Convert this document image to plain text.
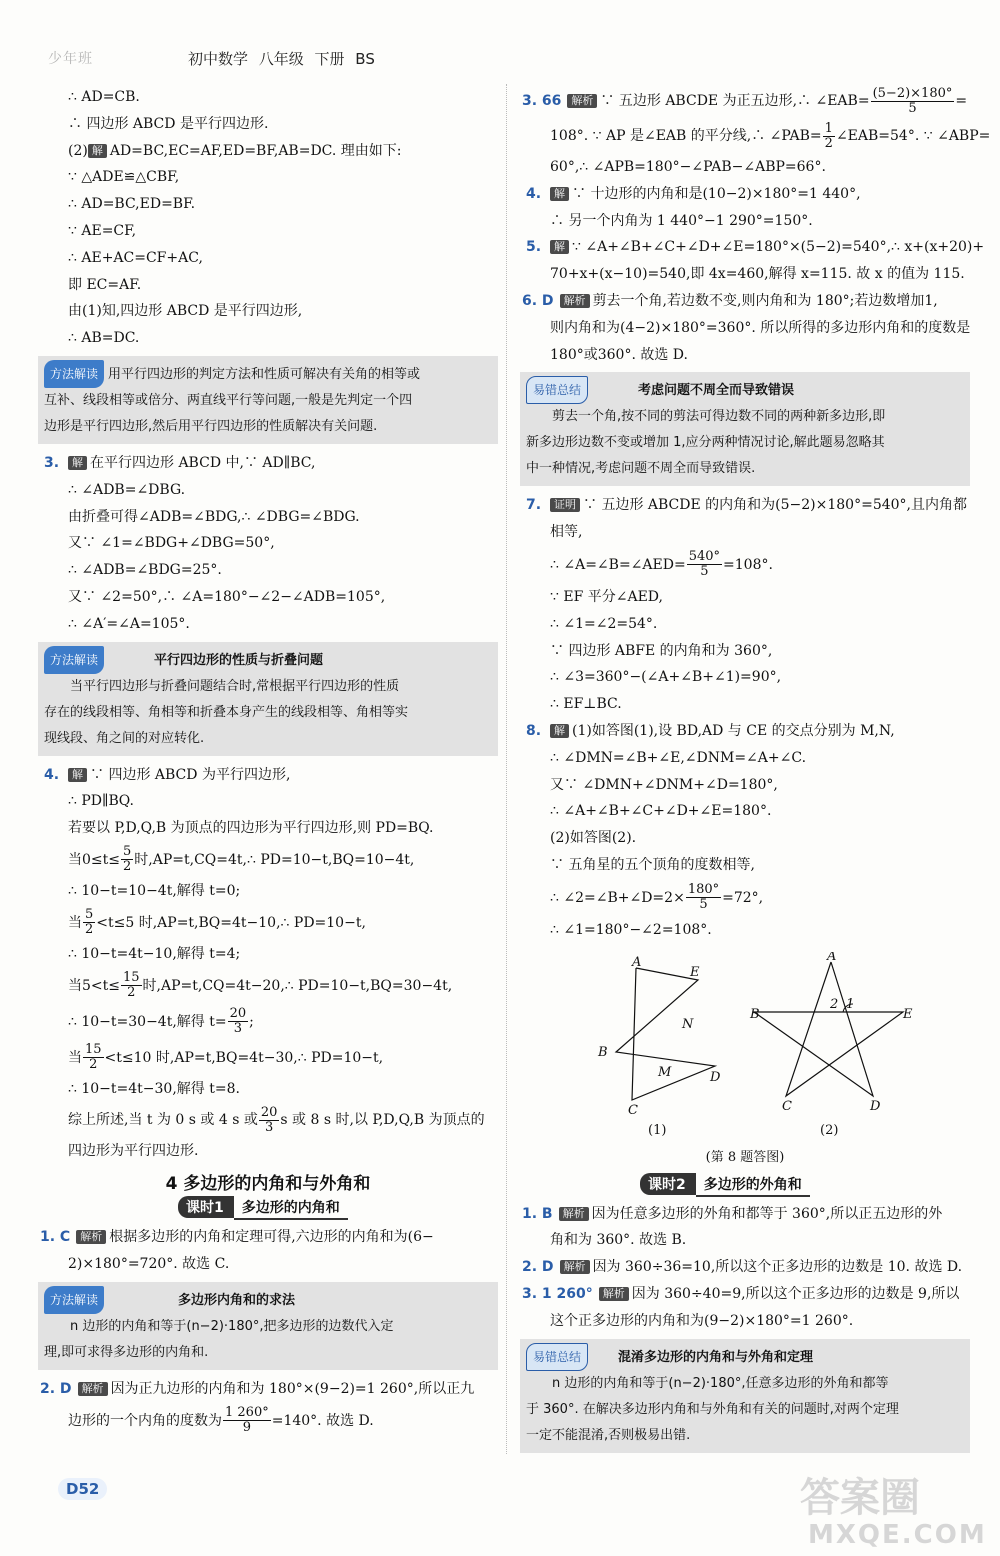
少年班	初中数学 八年级 下册 BS
∴ AD=CB.
∴ 四边形 ABCD 是平行四边形.
(2) 解 AD=BC,EC=AF,ED=BF,AB=DC. 理由如下:
∵ △ADE≌△CBF,
∴ AD=BC,ED=BF.
∵ AE=CF,
∴ AE+AC=CF+AC,
即 EC=AF.
由(1)知,四边形 ABCD 是平行四边形,
∴ AB=DC.
方法解读 用平行四边形的判定方法和性质可解决有关角的相等或
互补、线段相等或倍分、两直线平行等问题,一般是先判定一个四
边形是平行四边形,然后用平行四边形的性质解决有关问题.
3. 解 在平行四边形 ABCD 中,∵ AD∥BC,
∴ ∠ADB=∠DBG.
由折叠可得∠ADB=∠BDG,∴ ∠DBG=∠BDG.
又∵ ∠1=∠BDG+∠DBG=50°,
∴ ∠ADB=∠BDG=25°.
又∵ ∠2=50°,∴ ∠A=180°−∠2−∠ADB=105°,
∴ ∠A′=∠A=105°.
方法解读	平行四边形的性质与折叠问题
当平行四边形与折叠问题结合时,常根据平行四边形的性质
存在的线段相等、角相等和折叠本身产生的线段相等、角相等实
现线段、角之间的对应转化.
4. 解 ∵ 四边形 ABCD 为平行四边形,
∴ PD∥BQ.
若要以 P,D,Q,B 为顶点的四边形为平行四边形,则 PD=BQ.
当$0\le t\le \frac{5}{2}$ 时,AP=t,CQ=4t,∴ PD=10−t,BQ=10−4t,
∴ 10−t=10−4t,解得 t=0;
当 $\frac{5}{2} <t\le 5$ 时,AP=t,BQ=4t−10,∴ PD=10−t,
∴ 10−t=4t−10,解得 t=4;
当$5<t\le \frac{15}{2}$ 时,AP=t,CQ=4t−20,∴ PD=10−t,BQ=30−4t,
∴ 10−t=30−4t,解得 $t= \frac{20}{3}$ ;
当 $\frac{15}{2} <t\le 10$ 时,AP=t,BQ=4t−30,∴ PD=10−t,
∴ 10−t=4t−30,解得 t=8.
综上所述,当 t 为 0 s 或 4 s 或 $\frac{20}{3}$ s 或 8 s 时,以 P,D,Q,B 为顶点的
四边形为平行四边形.
4 多边形的内角和与外角和
课时1 多边形的内角和
1. C 解析 根据多边形的内角和定理可得,六边形的内角和为(6−
2)×180°=720°. 故选 C.
方法解读	多边形内角和的求法
n 边形的内角和等于(n−2)·180°,把多边形的边数代入定
理,即可求得多边形的内角和.
2. D 解析 因为正九边形的内角和为 180°×(9−2)=1 260°,所以正九
边形的一个内角的度数为 $\frac{1 260^\circ}{9} =140^\circ$. 故选 D.
3. 66 解析 ∵ 五边形 ABCDE 为正五边形,∴ ∠EAB= $\frac{(5-2)\times 180^\circ}{5}$ =
108°. ∵ AP 是∠EAB 的平分线,∴ ∠PAB= $\frac{1}{2}$ ∠EAB=54°. ∵ ∠ABP=
60°,∴ ∠APB=180°−∠PAB−∠ABP=66°.
4. 解 ∵ 十边形的内角和是(10−2)×180°=1 440°,
∴ 另一个内角为 1 440°−1 290°=150°.
5. 解 ∵ ∠A+∠B+∠C+∠D+∠E=180°×(5−2)=540°,∴ x+(x+20)+
70+x+(x−10)=540,即 4x=460,解得 x=115. 故 x 的值为 115.
6. D 解析 剪去一个角,若边数不变,则内角和为 180°;若边数增加1,
则内角和为(4−2)×180°=360°. 所以所得的多边形内角和的度数是
180°或360°. 故选 D.
易错总结	考虑问题不周全而导致错误
剪去一个角,按不同的剪法可得边数不同的两种新多边形,即
新多边形边数不变或增加 1,应分两种情况讨论,解此题易忽略其
中一种情况,考虑问题不周全而导致错误.
7. 证明 ∵ 五边形 ABCDE 的内角和为(5−2)×180°=540°,且内角都
相等,
∴ ∠A=∠B=∠AED= $\frac{540^\circ}{5} =108^\circ$.
∵ EF 平分∠AED,
∴ ∠1=∠2=54°.
∵ 四边形 ABFE 的内角和为 360°,
∴ ∠3=360°−(∠A+∠B+∠1)=90°,
∴ EF⊥BC.
8. 解 (1)如答图(1),设 BD,AD 与 CE 的交点分别为 M,N,
∴ ∠DMN=∠B+∠E,∠DNM=∠A+∠C.
又∵ ∠DMN+∠DNM+∠D=180°,
∴ ∠A+∠B+∠C+∠D+∠E=180°.
(2)如答图(2).
∵ 五角星的五个顶角的度数相等,
∴ ∠2=∠B+∠D=2× $\frac{180^\circ}{5} =72^\circ$,
∴ ∠1=180°−∠2=108°.
A
E
N
B
M	D
C
A
2 1
B	E
C	D
(1)	(2)
(第 8 题答图)
课时2 多边形的外角和
1. B 解析 因为任意多边形的外角和都等于 360°,所以正五边形的外
角和为 360°. 故选 B.
2. D 解析 因为 360÷36=10,所以这个正多边形的边数是 10. 故选 D.
3. 1 260° 解析 因为 360÷40=9,所以这个正多边形的边数是 9,所以
这个正多边形的内角和为(9−2)×180°=1 260°.
易错总结	混淆多边形的内角和与外角和定理
n 边形的内角和等于(n−2)·180°,任意多边形的外角和都等
于 360°. 在解决多边形内角和与外角和有关的问题时,对两个定理
一定不能混淆,否则极易出错.
D52	答案圈
MXQE.COM
